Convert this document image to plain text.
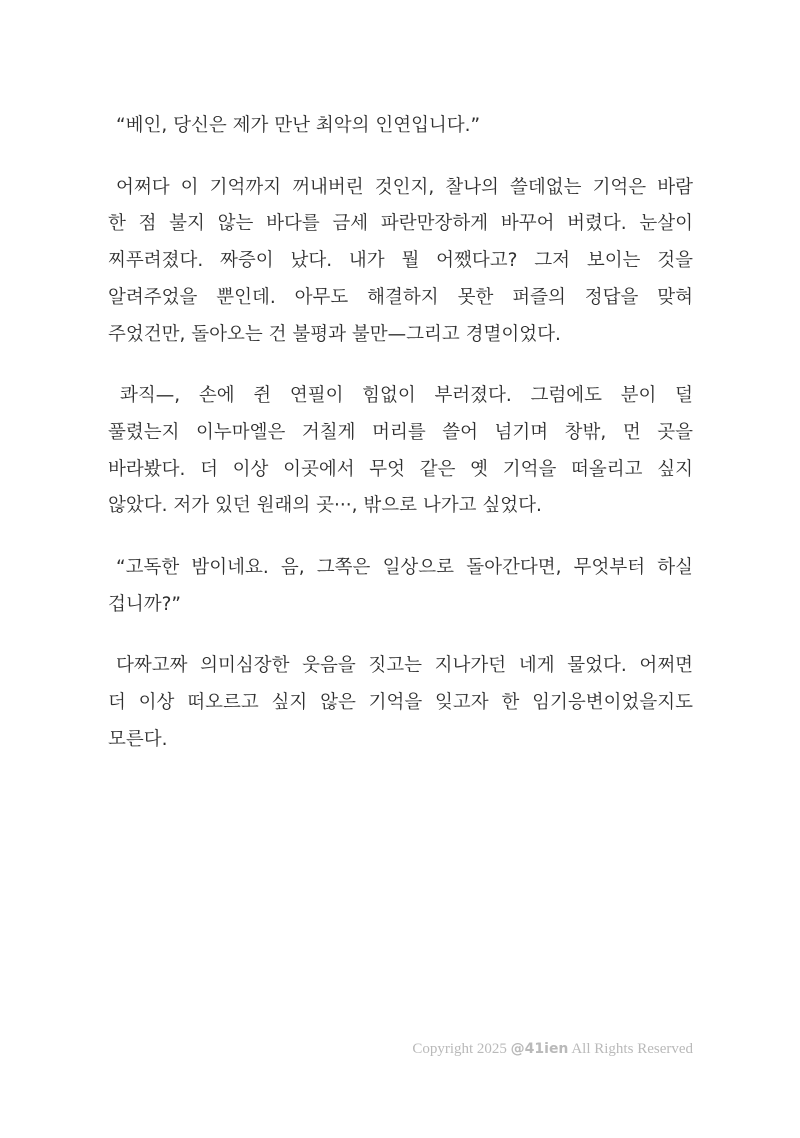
“베인, 당신은 제가 만난 최악의 인연입니다.”

어쩌다 이 기억까지 꺼내버린 것인지, 찰나의 쓸데없는 기억은 바람
한 점 불지 않는 바다를 금세 파란만장하게 바꾸어 버렸다. 눈살이
찌푸려졌다. 짜증이 났다. 내가 뭘 어쨌다고? 그저 보이는 것을
알려주었을 뿐인데. 아무도 해결하지 못한 퍼즐의 정답을 맞혀
주었건만, 돌아오는 건 불평과 불만—그리고 경멸이었다.

콰직—, 손에 쥔 연필이 힘없이 부러졌다. 그럼에도 분이 덜
풀렸는지 이누마엘은 거칠게 머리를 쓸어 넘기며 창밖, 먼 곳을
바라봤다. 더 이상 이곳에서 무엇 같은 옛 기억을 떠올리고 싶지
않았다. 저가 있던 원래의 곳···, 밖으로 나가고 싶었다.

“고독한 밤이네요. 음, 그쪽은 일상으로 돌아간다면, 무엇부터 하실
겁니까?”

다짜고짜 의미심장한 웃음을 짓고는 지나가던 네게 물었다. 어쩌면
더 이상 떠오르고 싶지 않은 기억을 잊고자 한 임기응변이었을지도
모른다.

Copyright 2025 @41ien All Rights Reserved
